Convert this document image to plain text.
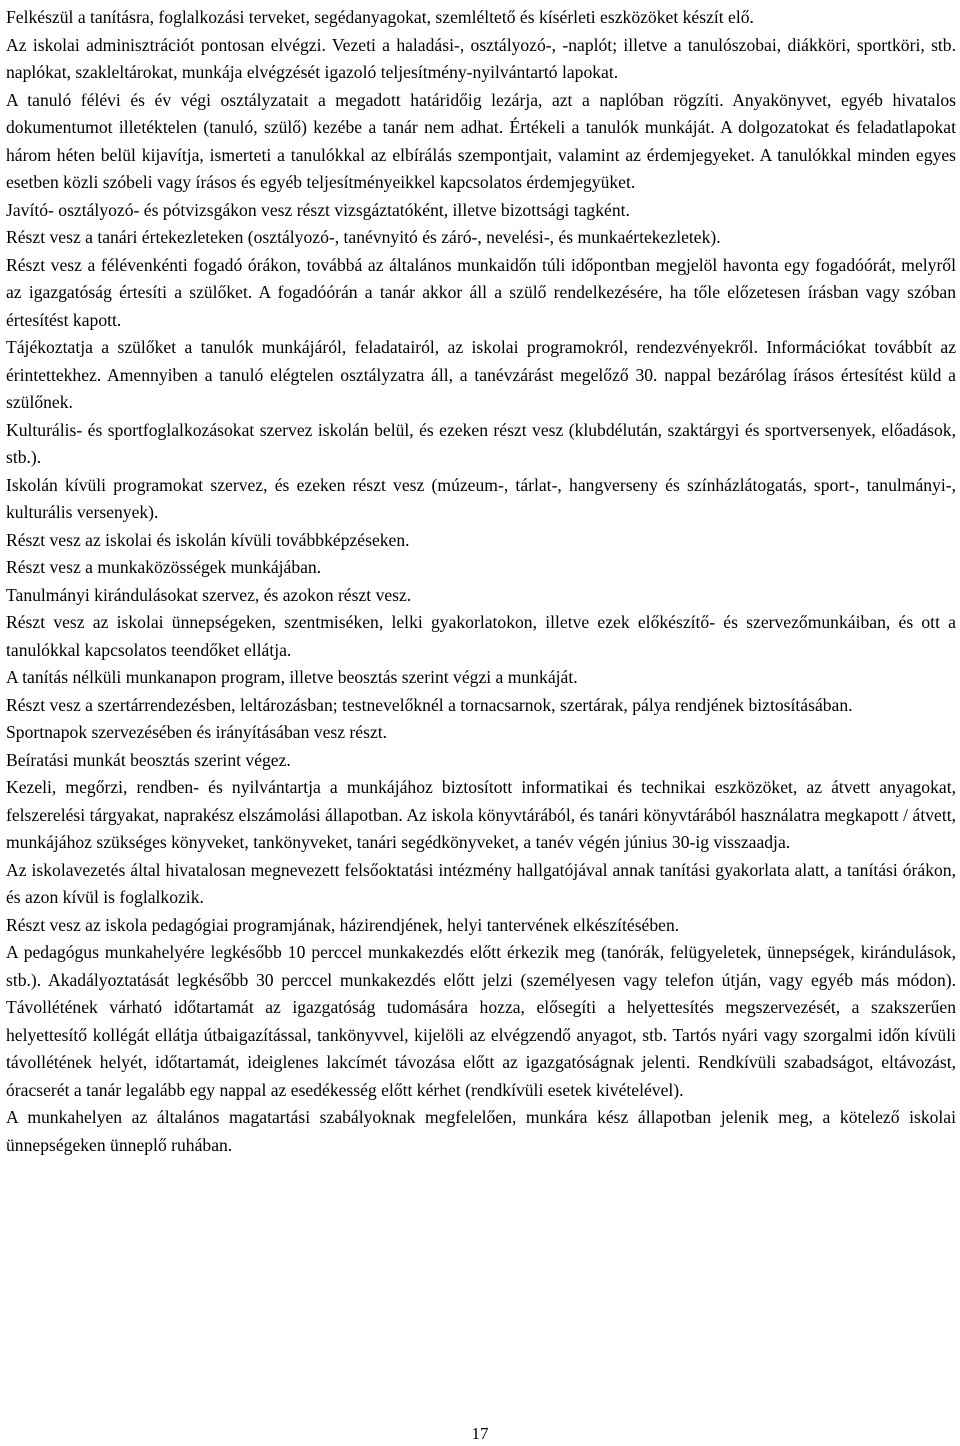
Felkészül a tanításra, foglalkozási terveket, segédanyagokat, szemléltető és kísérleti eszközöket készít elő.

Az iskolai adminisztrációt pontosan elvégzi. Vezeti a haladási-, osztályozó-, -naplót; illetve a tanulószobai, diákköri, sportköri, stb. naplókat, szakleltárokat, munkája elvégzését igazoló teljesítmény-nyilvántartó lapokat.

A tanuló félévi és év végi osztályzatait a megadott határidőig lezárja, azt a naplóban rögzíti. Anyakönyvet, egyéb hivatalos dokumentumot illetéktelen (tanuló, szülő) kezébe a tanár nem adhat. Értékeli a tanulók munkáját. A dolgozatokat és feladatlapokat három héten belül kijavítja, ismerteti a tanulókkal az elbírálás szempontjait, valamint az érdemjegyeket. A tanulókkal minden egyes esetben közli szóbeli vagy írásos és egyéb teljesítményeikkel kapcsolatos érdemjegyüket.

Javító- osztályozó- és pótvizsgákon vesz részt vizsgáztatóként, illetve bizottsági tagként.

Részt vesz a tanári értekezleteken (osztályozó-, tanévnyitó és záró-, nevelési-, és munkaértekezletek).

Részt vesz a félévenkénti fogadó órákon, továbbá az általános munkaidőn túli időpontban megjelöl havonta egy fogadóórát, melyről az igazgatóság értesíti a szülőket. A fogadóórán a tanár akkor áll a szülő rendelkezésére, ha tőle előzetesen írásban vagy szóban értesítést kapott.

Tájékoztatja a szülőket a tanulók munkájáról, feladatairól, az iskolai programokról, rendezvényekről. Információkat továbbít az érintettekhez. Amennyiben a tanuló elégtelen osztályzatra áll, a tanévzárást megelőző 30. nappal bezárólag írásos értesítést küld a szülőnek.

Kulturális- és sportfoglalkozásokat szervez iskolán belül, és ezeken részt vesz (klubdélután, szaktárgyi és sportversenyek, előadások, stb.).

Iskolán kívüli programokat szervez, és ezeken részt vesz (múzeum-, tárlat-, hangverseny és színházlátogatás, sport-, tanulmányi-, kulturális versenyek).

Részt vesz az iskolai és iskolán kívüli továbbképzéseken.

Részt vesz a munkaközösségek munkájában.

Tanulmányi kirándulásokat szervez, és azokon részt vesz.

Részt vesz az iskolai ünnepségeken, szentmiséken, lelki gyakorlatokon, illetve ezek előkészítő- és szervezőmunkáiban, és ott a tanulókkal kapcsolatos teendőket ellátja.

A tanítás nélküli munkanapon program, illetve beosztás szerint végzi a munkáját.

Részt vesz a szertárrendezésben, leltározásban; testnevelőknél a tornacsarnok, szertárak, pálya rendjének biztosításában.

Sportnapok szervezésében és irányításában vesz részt.

Beíratási munkát beosztás szerint végez.

Kezeli, megőrzi, rendben- és nyilvántartja a munkájához biztosított informatikai és technikai eszközöket, az átvett anyagokat, felszerelési tárgyakat, naprakész elszámolási állapotban. Az iskola könyvtárából, és tanári könyvtárából használatra megkapott / átvett, munkájához szükséges könyveket, tankönyveket, tanári segédkönyveket, a tanév végén június 30-ig visszaadja.

Az iskolavezetés által hivatalosan megnevezett felsőoktatási intézmény hallgatójával annak tanítási gyakorlata alatt, a tanítási órákon, és azon kívül is foglalkozik.

Részt vesz az iskola pedagógiai programjának, házirendjének, helyi tantervének elkészítésében.

A pedagógus munkahelyére legkésőbb 10 perccel munkakezdés előtt érkezik meg (tanórák, felügyeletek, ünnepségek, kirándulások, stb.). Akadályoztatását legkésőbb 30 perccel munkakezdés előtt jelzi (személyesen vagy telefon útján, vagy egyéb más módon). Távollétének várható időtartamát az igazgatóság tudomására hozza, elősegíti a helyettesítés megszervezését, a szakszerűen helyettesítő kollégát ellátja útbaigazítással, tankönyvvel, kijelöli az elvégzendő anyagot, stb. Tartós nyári vagy szorgalmi időn kívüli távollétének helyét, időtartamát, ideiglenes lakcímét távozása előtt az igazgatóságnak jelenti. Rendkívüli szabadságot, eltávozást, óracserét a tanár legalább egy nappal az esedékesség előtt kérhet (rendkívüli esetek kivételével).

A munkahelyen az általános magatartási szabályoknak megfelelően, munkára kész állapotban jelenik meg, a kötelező iskolai ünnepségeken ünneplő ruhában.

17
